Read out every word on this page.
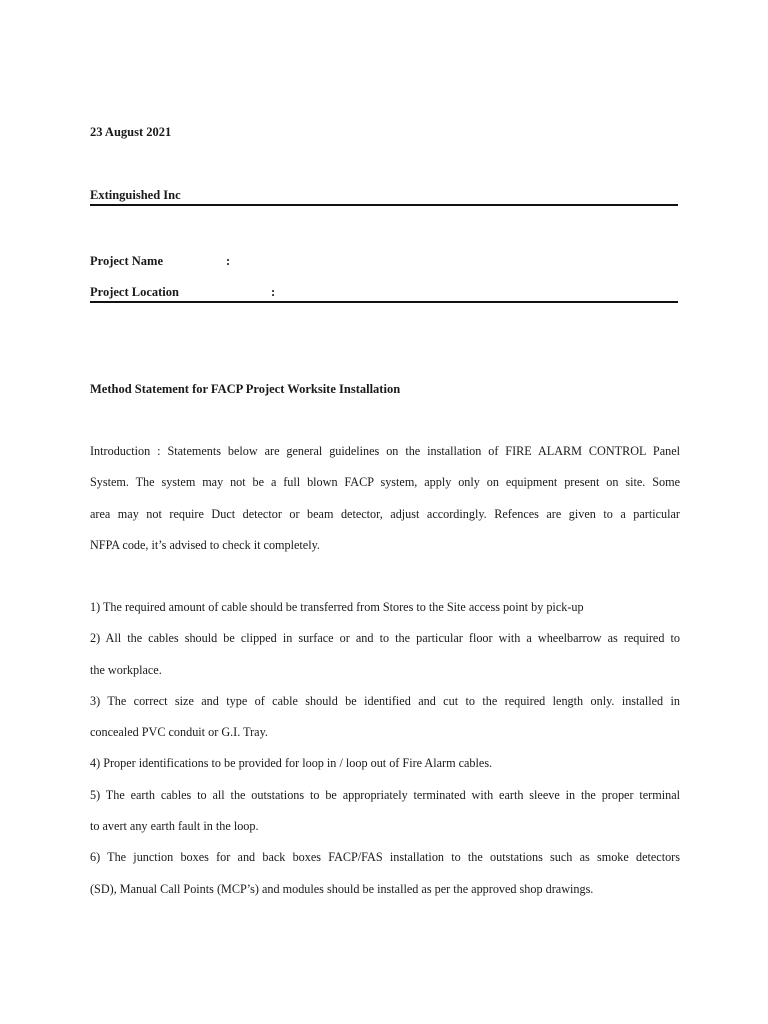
23 August 2021
Extinguished Inc
Project Name	:
Project Location	:
Method Statement for FACP Project Worksite Installation
Introduction : Statements below are general guidelines on the installation of FIRE ALARM CONTROL Panel
System. The system may not be a full blown FACP system, apply only on equipment present on site. Some
area may not require Duct detector or beam detector, adjust accordingly. Refences are given to a particular
NFPA code, it’s advised to check it completely.
1) The required amount of cable should be transferred from Stores to the Site access point by pick-up
2) All the cables should be clipped in surface or and to the particular floor with a wheelbarrow as required to
the workplace.
3) The correct size and type of cable should be identified and cut to the required length only. installed in
concealed PVC conduit or G.I. Tray.
4) Proper identifications to be provided for loop in / loop out of Fire Alarm cables.
5) The earth cables to all the outstations to be appropriately terminated with earth sleeve in the proper terminal
to avert any earth fault in the loop.
6) The junction boxes for and back boxes FACP/FAS installation to the outstations such as smoke detectors
(SD), Manual Call Points (MCP’s) and modules should be installed as per the approved shop drawings.
